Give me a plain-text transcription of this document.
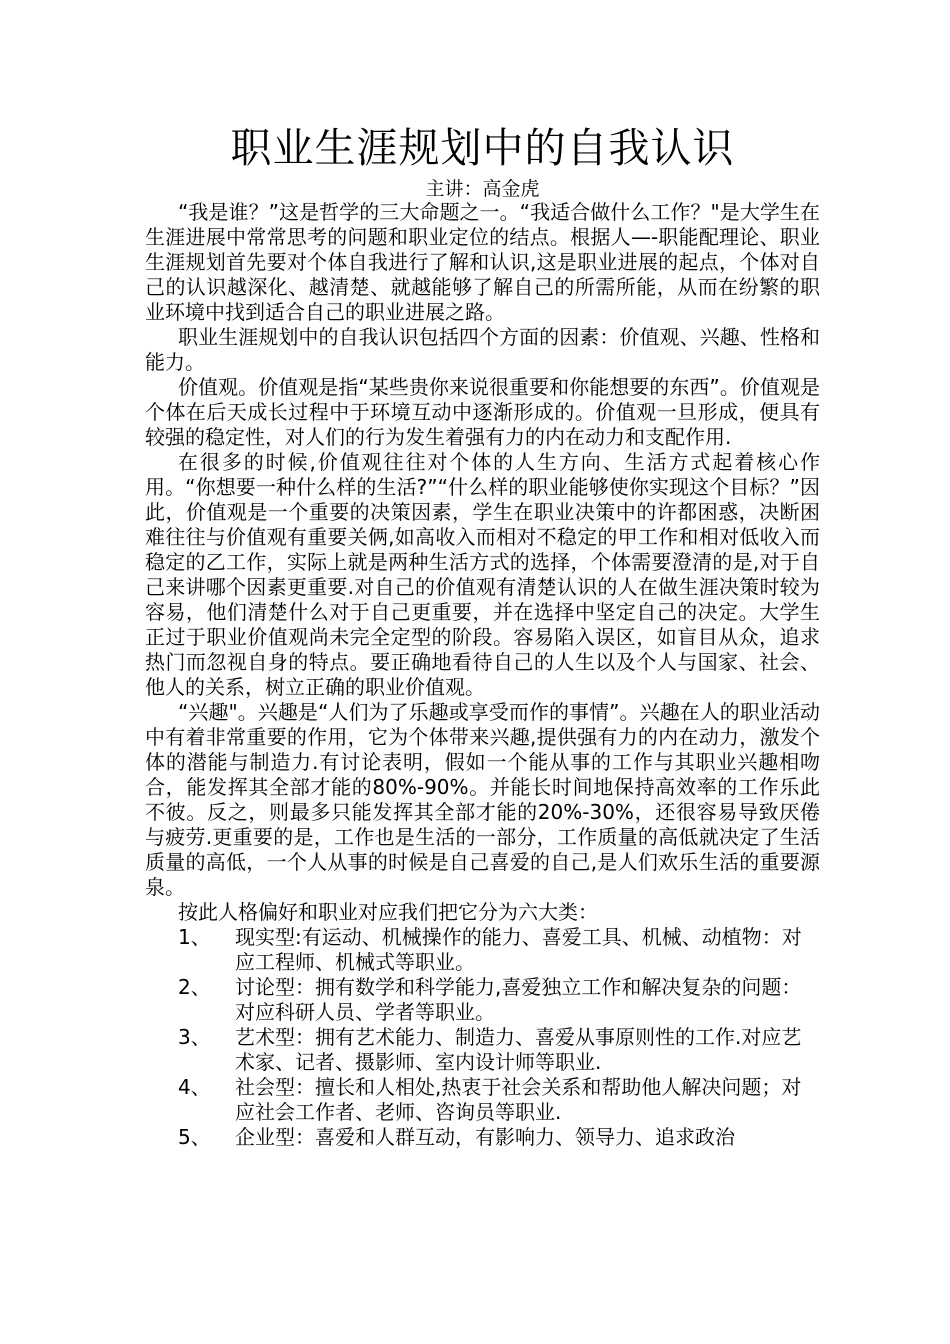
职业生涯规划中的自我认识

主讲：高金虎

“我是谁？”这是哲学的三大命题之一。“我适合做什么工作？"是大学生在生涯进展中常常思考的问题和职业定位的结点。根据人—-职能配理论、职业生涯规划首先要对个体自我进行了解和认识,这是职业进展的起点，个体对自己的认识越深化、越清楚、就越能够了解自己的所需所能，从而在纷繁的职业环境中找到适合自己的职业进展之路。

职业生涯规划中的自我认识包括四个方面的因素：价值观、兴趣、性格和能力。

价值观。价值观是指“某些贵你来说很重要和你能想要的东西”。价值观是个体在后天成长过程中于环境互动中逐渐形成的。价值观一旦形成，便具有较强的稳定性，对人们的行为发生着强有力的内在动力和支配作用.

在很多的时候,价值观往往对个体的人生方向、生活方式起着核心作用。“你想要一种什么样的生活?”“什么样的职业能够使你实现这个目标？”因此，价值观是一个重要的决策因素，学生在职业决策中的许都困惑，决断困难往往与价值观有重要关俩,如高收入而相对不稳定的甲工作和相对低收入而稳定的乙工作，实际上就是两种生活方式的选择，个体需要澄清的是,对于自己来讲哪个因素更重要.对自己的价值观有清楚认识的人在做生涯决策时较为容易，他们清楚什么对于自己更重要，并在选择中坚定自己的决定。大学生正过于职业价值观尚未完全定型的阶段。容易陷入误区，如盲目从众，追求热门而忽视自身的特点。要正确地看待自己的人生以及个人与国家、社会、他人的关系，树立正确的职业价值观。

“兴趣"。兴趣是“人们为了乐趣或享受而作的事情”。兴趣在人的职业活动中有着非常重要的作用，它为个体带来兴趣,提供强有力的内在动力，激发个体的潜能与制造力.有讨论表明，假如一个能从事的工作与其职业兴趣相吻合，能发挥其全部才能的80%-90%。并能长时间地保持高效率的工作乐此不彼。反之，则最多只能发挥其全部才能的20%-30%，还很容易导致厌倦与疲劳.更重要的是，工作也是生活的一部分，工作质量的高低就决定了生活质量的高低，一个人从事的时候是自己喜爱的自己,是人们欢乐生活的重要源泉。

按此人格偏好和职业对应我们把它分为六大类：

1、	现实型:有运动、机械操作的能力、喜爱工具、机械、动植物：对应工程师、机械式等职业。
2、	讨论型：拥有数学和科学能力,喜爱独立工作和解决复杂的问题：对应科研人员、学者等职业。
3、	艺术型：拥有艺术能力、制造力、喜爱从事原则性的工作.对应艺术家、记者、摄影师、室内设计师等职业.
4、	社会型：擅长和人相处,热衷于社会关系和帮助他人解决问题；对应社会工作者、老师、咨询员等职业.
5、	企业型：喜爱和人群互动，有影响力、领导力、追求政治
